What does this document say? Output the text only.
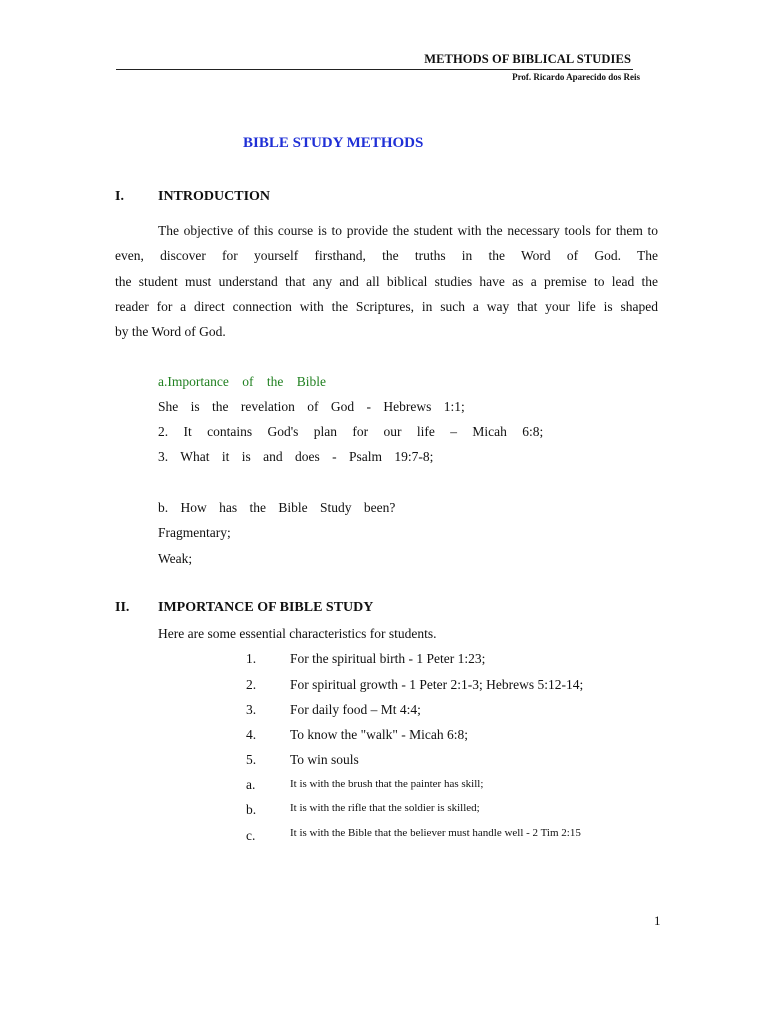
METHODS OF BIBLICAL STUDIES
Prof. Ricardo Aparecido dos Reis
BIBLE STUDY METHODS
I. INTRODUCTION

The objective of this course is to provide the student with the necessary tools for them to

even, discover for yourself firsthand, the truths in the Word of God. The

the student must understand that any and all biblical studies have as a premise to lead the

reader for a direct connection with the Scriptures, in such a way that your life is shaped

by the Word of God.

a.Importance of the Bible
She is the revelation of God - Hebrews 1:1;
2. It contains God's plan for our life – Micah 6:8;
3. What it is and does - Psalm 19:7-8;
b. How has the Bible Study been?
Fragmentary;
Weak;
II. IMPORTANCE OF BIBLE STUDY
Here are some essential characteristics for students.
1.	For the spiritual birth - 1 Peter 1:23;
2.	For spiritual growth - 1 Peter 2:1-3; Hebrews 5:12-14;
3.	For daily food – Mt 4:4;
4.	To know the "walk" - Micah 6:8;
5.	To win souls
a.	It is with the brush that the painter has skill;
b.	It is with the rifle that the soldier is skilled;
c.	It is with the Bible that the believer must handle well - 2 Tim 2:15
1
